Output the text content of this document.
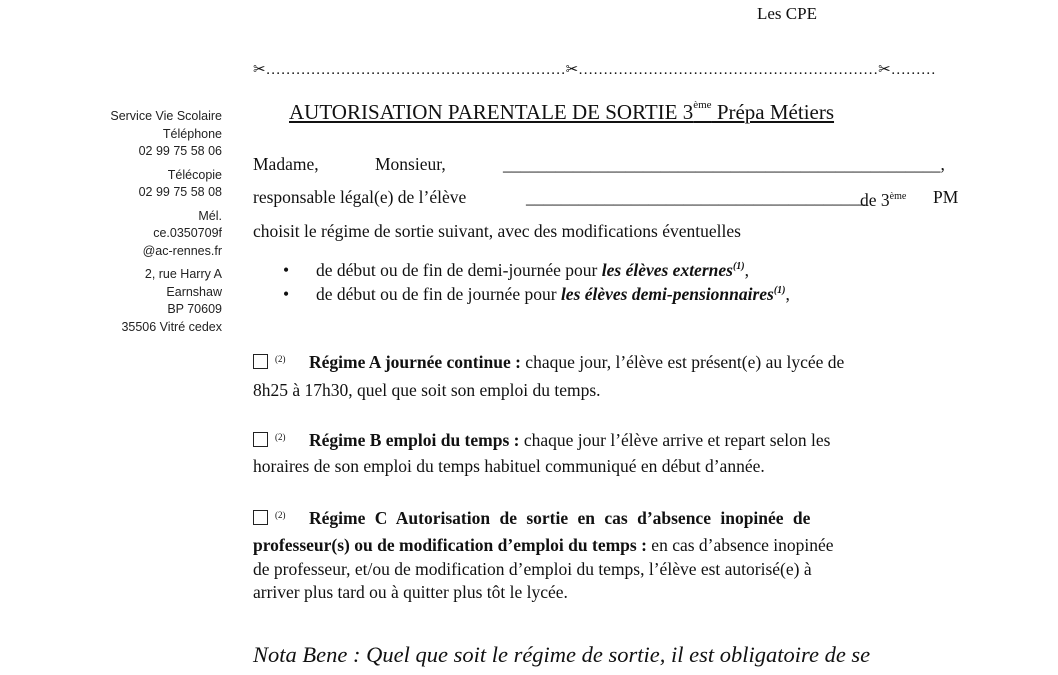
Les CPE
✂……………………………………………………✂……………………………………………………✂………
Service Vie Scolaire
Téléphone
02 99 75 58 06
Télécopie
02 99 75 58 08
Mél.
ce.0350709f
@ac-rennes.fr
2, rue Harry A
Earnshaw
BP 70609
35506 Vitré cedex
AUTORISATION PARENTALE DE SORTIE 3ème Prépa Métiers
Madame,	Monsieur,	__________________________________________________,
responsable légal(e) de l’élève	_______________________________________
de 3ème PM
choisit le régime de sortie suivant, avec des modifications éventuelles
• de début ou de fin de demi-journée pour les élèves externes$^{(1)}$,
• de début ou de fin de journée pour les élèves demi-pensionnaires$^{(1)}$,
(2) Régime A journée continue : chaque jour, l’élève est présent(e) au lycée de
8h25 à 17h30, quel que soit son emploi du temps.
(2) Régime B emploi du temps : chaque jour l’élève arrive et repart selon les
horaires de son emploi du temps habituel communiqué en début d’année.
(2) Régime C Autorisation de sortie en cas d’absence inopinée de
professeur(s) ou de modification d’emploi du temps : en cas d’absence inopinée
de professeur, et/ou de modification d’emploi du temps, l’élève est autorisé(e) à
arriver plus tard ou à quitter plus tôt le lycée.
Nota Bene : Quel que soit le régime de sortie, il est obligatoire de se
